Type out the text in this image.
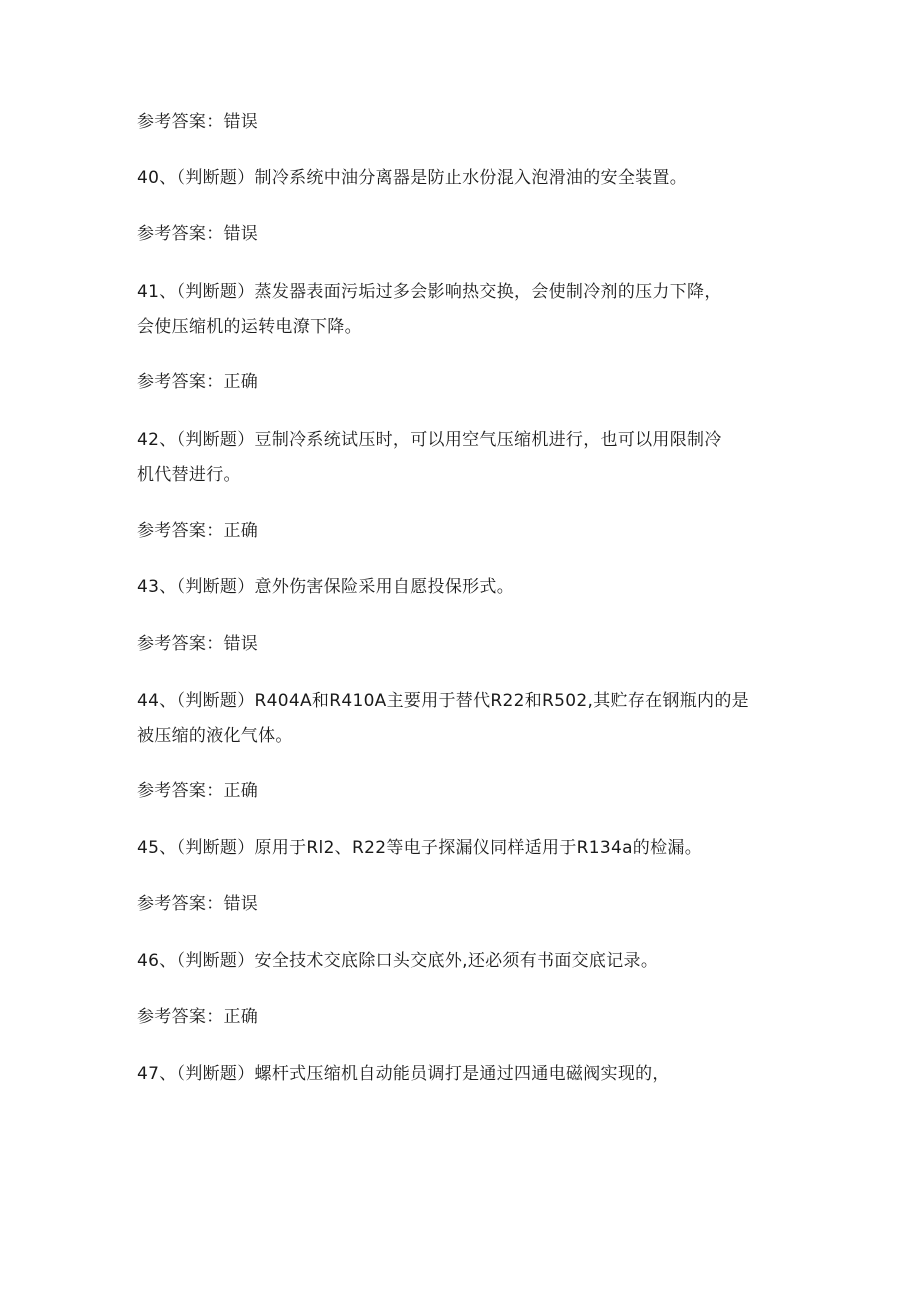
参考答案：错误
40、（判断题）制冷系统中油分离器是防止水份混入泡滑油的安全装置。
参考答案：错误
41、（判断题）蒸发器表面污垢过多会影响热交换，会使制冷剂的压力下降，
会使压缩机的运转电潦下降。
参考答案：正确
42、（判断题）豆制冷系统试压时，可以用空气压缩机进行，也可以用限制冷
机代替进行。
参考答案：正确
43、（判断题）意外伤害保险采用自愿投保形式。
参考答案：错误
44、（判断题）R404A和R410A主要用于替代R22和R502,其贮存在钢瓶内的是
被压缩的液化气体。
参考答案：正确
45、（判断题）原用于Rl2、R22等电子探漏仪同样适用于R134a的检漏。
参考答案：错误
46、（判断题）安全技术交底除口头交底外,还必须有书面交底记录。
参考答案：正确
47、（判断题）螺杆式压缩机自动能员调打是通过四通电磁阀实现的，
